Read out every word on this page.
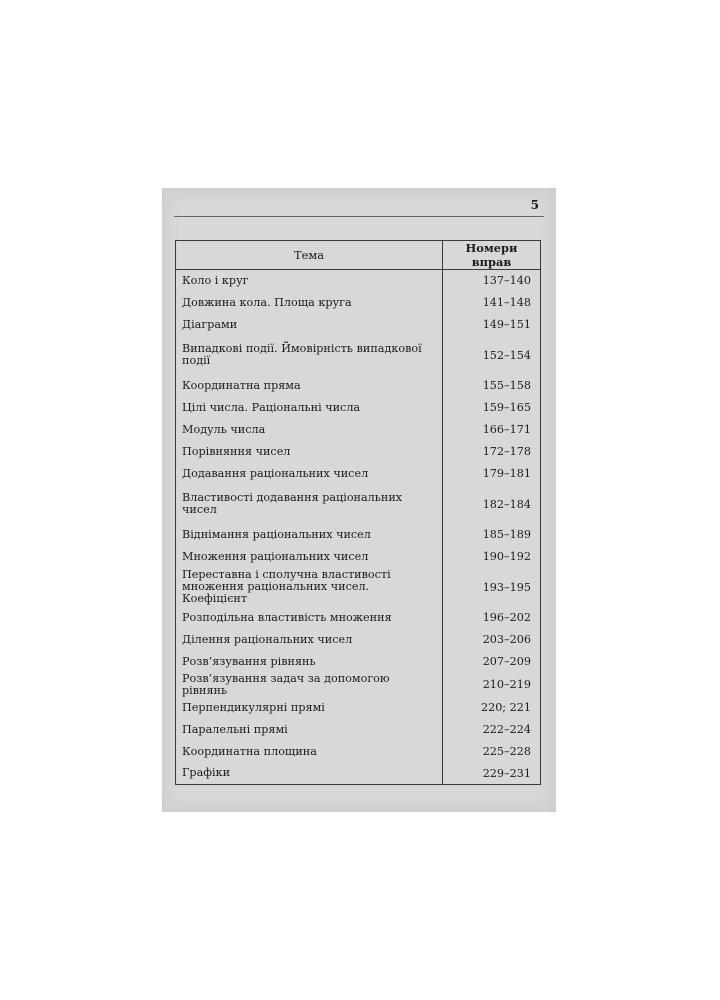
5
Тема	Номери вправ
Коло і круг	137–140
Довжина кола. Площа круга	141–148
Діаграми	149–151
Випадкові події. Ймовірність випадкової події	152–154
Координатна пряма	155–158
Цілі числа. Раціональні числа	159–165
Модуль числа	166–171
Порівняння чисел	172–178
Додавання раціональних чисел	179–181
Властивості додавання раціональних чисел	182–184
Віднімання раціональних чисел	185–189
Множення раціональних чисел	190–192
Переставна і сполучна властивості множення раціональних чисел. Коефіцієнт	193–195
Розподільна властивість множення	196–202
Ділення раціональних чисел	203–206
Розв’язування рівнянь	207–209
Розв’язування задач за допомогою рівнянь	210–219
Перпендикулярні прямі	220; 221
Паралельні прямі	222–224
Координатна площина	225–228
Графіки	229–231
